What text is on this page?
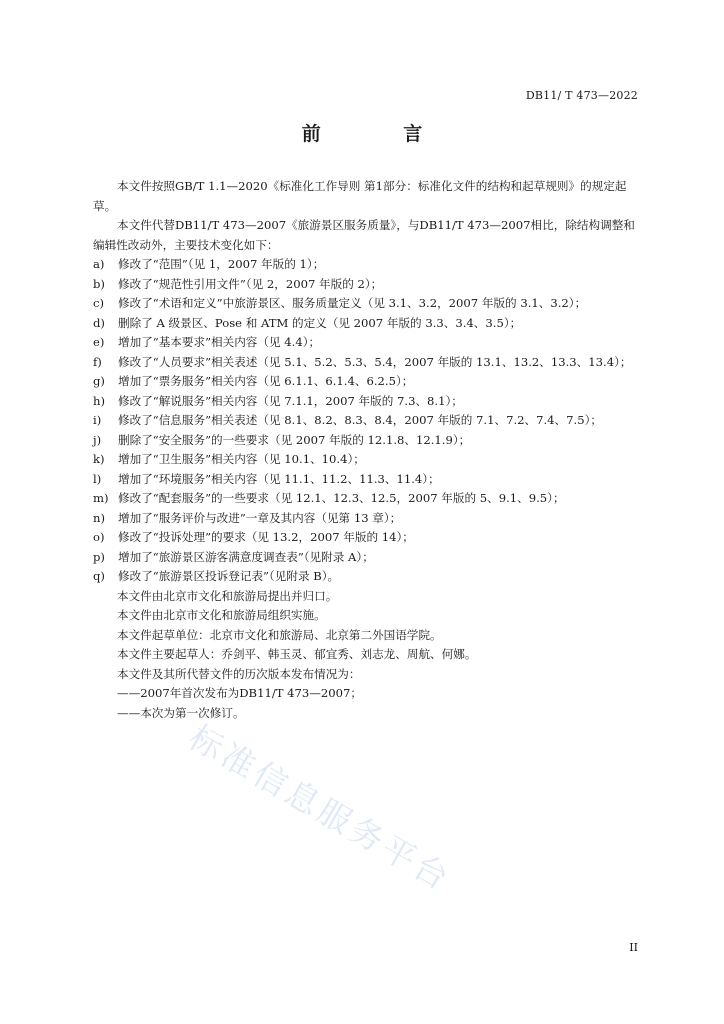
DB11/ T 473—2022
前 言

本文件按照GB/T 1.1—2020《标准化工作导则 第1部分：标准化文件的结构和起草规则》的规定起草。

本文件代替DB11/T 473—2007《旅游景区服务质量》，与DB11/T 473—2007相比，除结构调整和编辑性改动外，主要技术变化如下：

a)	修改了“范围”（见 1，2007 年版的 1）；
b)	修改了“规范性引用文件”（见 2，2007 年版的 2）；
c)	修改了“术语和定义”中旅游景区、服务质量定义（见 3.1、3.2，2007 年版的 3.1、3.2）；
d)	删除了 A 级景区、Pose 和 ATM 的定义（见 2007 年版的 3.3、3.4、3.5）；
e)	增加了“基本要求”相关内容（见 4.4）；
f)	修改了“人员要求”相关表述（见 5.1、5.2、5.3、5.4，2007 年版的 13.1、13.2、13.3、13.4）；
g)	增加了“票务服务”相关内容（见 6.1.1、6.1.4、6.2.5）；
h)	修改了“解说服务”相关内容（见 7.1.1，2007 年版的 7.3、8.1）；
i)	修改了“信息服务”相关表述（见 8.1、8.2、8.3、8.4，2007 年版的 7.1、7.2、7.4、7.5）；
j)	删除了“安全服务”的一些要求（见 2007 年版的 12.1.8、12.1.9）；
k)	增加了“卫生服务”相关内容（见 10.1、10.4）；
l)	增加了“环境服务”相关内容（见 11.1、11.2、11.3、11.4）；
m) 修改了“配套服务”的一些要求（见 12.1、12.3、12.5，2007 年版的 5、9.1、9.5）；
n)	增加了“服务评价与改进”一章及其内容（见第 13 章）；
o)	修改了“投诉处理”的要求（见 13.2，2007 年版的 14）；
p)	增加了“旅游景区游客满意度调查表”（见附录 A）；
q)	修改了“旅游景区投诉登记表”（见附录 B）。

本文件由北京市文化和旅游局提出并归口。

本文件由北京市文化和旅游局组织实施。

本文件起草单位：北京市文化和旅游局、北京第二外国语学院。

本文件主要起草人：乔剑平、韩玉灵、郁宜秀、刘志龙、周航、何娜。

本文件及其所代替文件的历次版本发布情况为：

——2007年首次发布为DB11/T 473—2007；

——本次为第一次修订。

标准信息服务平台
II
